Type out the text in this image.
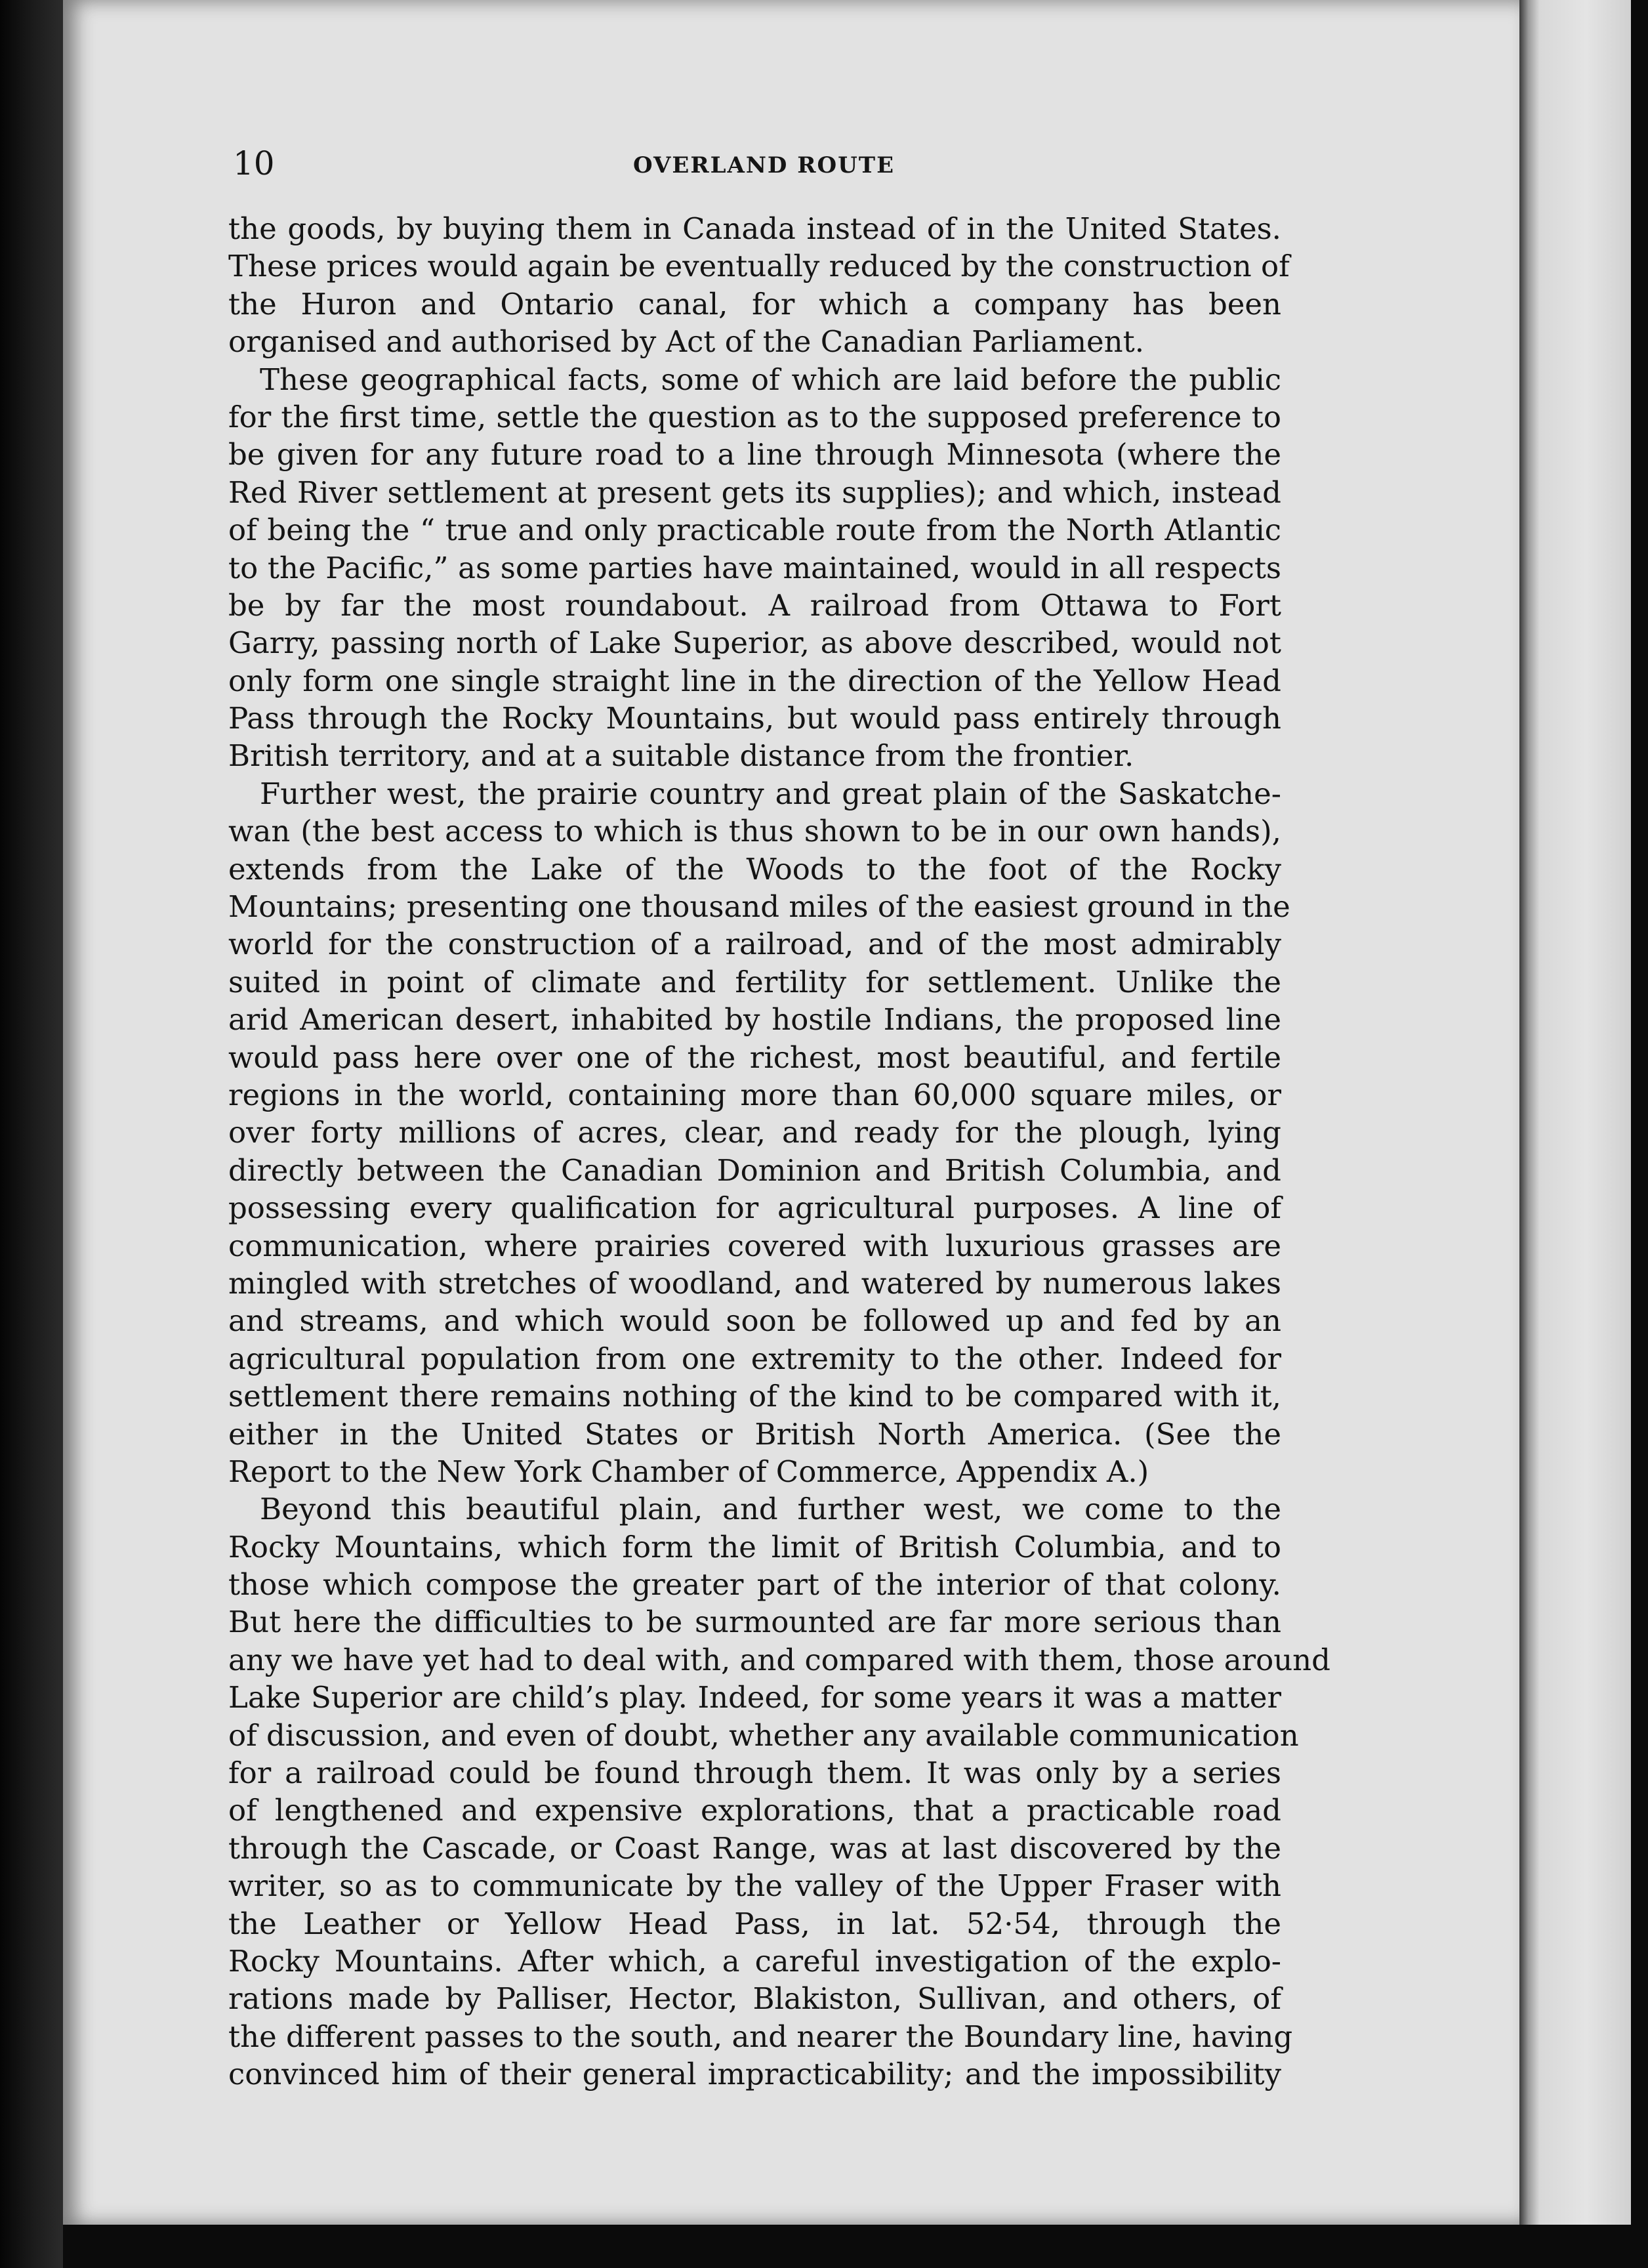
10	OVERLAND ROUTE
the goods, by buying them in Canada instead of in the United States.
These prices would again be eventually reduced by the construction of
the Huron and Ontario canal, for which a company has been
organised and authorised by Act of the Canadian Parliament.
These geographical facts, some of which are laid before the public
for the first time, settle the question as to the supposed preference to
be given for any future road to a line through Minnesota (where the
Red River settlement at present gets its supplies); and which, instead
of being the “ true and only practicable route from the North Atlantic
to the Pacific,” as some parties have maintained, would in all respects
be by far the most roundabout. A railroad from Ottawa to Fort
Garry, passing north of Lake Superior, as above described, would not
only form one single straight line in the direction of the Yellow Head
Pass through the Rocky Mountains, but would pass entirely through
British territory, and at a suitable distance from the frontier.
Further west, the prairie country and great plain of the Saskatche-
wan (the best access to which is thus shown to be in our own hands),
extends from the Lake of the Woods to the foot of the Rocky
Mountains; presenting one thousand miles of the easiest ground in the
world for the construction of a railroad, and of the most admirably
suited in point of climate and fertility for settlement. Unlike the
arid American desert, inhabited by hostile Indians, the proposed line
would pass here over one of the richest, most beautiful, and fertile
regions in the world, containing more than 60,000 square miles, or
over forty millions of acres, clear, and ready for the plough, lying
directly between the Canadian Dominion and British Columbia, and
possessing every qualification for agricultural purposes. A line of
communication, where prairies covered with luxurious grasses are
mingled with stretches of woodland, and watered by numerous lakes
and streams, and which would soon be followed up and fed by an
agricultural population from one extremity to the other. Indeed for
settlement there remains nothing of the kind to be compared with it,
either in the United States or British North America. (See the
Report to the New York Chamber of Commerce, Appendix A.)
Beyond this beautiful plain, and further west, we come to the
Rocky Mountains, which form the limit of British Columbia, and to
those which compose the greater part of the interior of that colony.
But here the difficulties to be surmounted are far more serious than
any we have yet had to deal with, and compared with them, those around
Lake Superior are child’s play. Indeed, for some years it was a matter
of discussion, and even of doubt, whether any available communication
for a railroad could be found through them. It was only by a series
of lengthened and expensive explorations, that a practicable road
through the Cascade, or Coast Range, was at last discovered by the
writer, so as to communicate by the valley of the Upper Fraser with
the Leather or Yellow Head Pass, in lat. 52·54, through the
Rocky Mountains. After which, a careful investigation of the explo-
rations made by Palliser, Hector, Blakiston, Sullivan, and others, of
the different passes to the south, and nearer the Boundary line, having
convinced him of their general impracticability; and the impossibility
